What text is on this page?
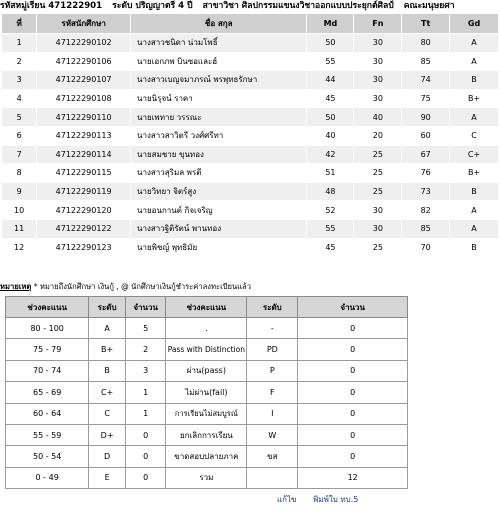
รหัสหมู่เรียน 471222901 ระดับ ปริญญาตรี 4 ปี สาขาวิชา ศิลปกรรมแขนงวิชาออกแบบประยุกต์ศิลป์ คณะมนุษยศา
ที่	รหัสนักศึกษา	ชื่อ สกุล	Md	Fn	Tt	Gd
1	47122290102	นางสาวชนิดา น่วมโพธิ์	50	30	80	A
2	47122290106	นายเอกภพ บินซอและฮ์	55	30	85	A
3	47122290107	นางสาวเบญจมาภรณ์ พรพุทธรักษา	44	30	74	B
4	47122290108	นายนิรุจน์ ราคา	45	30	75	B+
5	47122290110	นายเพทาย วรรณะ	50	40	90	A
6	47122290113	นางสาวสาวิตรี วงศ์ศรีทา	40	20	60	C
7	47122290114	นายสมชาย ขุนทอง	42	25	67	C+
8	47122290115	นางสาวสุริมล พรตี	51	25	76	B+
9	47122290119	นายวิทยา จิตร์สูง	48	25	73	B
10	47122290120	นายอนกานต์ กิจเจริญ	52	30	82	A
11	47122290122	นางสาวฐิติรัตน์ พานทอง	55	30	85	A
12	47122290123	นายพิชญ์ พุทธิมัย	45	25	70	B
หมายเหตุ * หมายถึงนักศึกษา เงินกู้ , @ นักศึกษาเงินกู้ชำระค่าลงทะเบียนแล้ว
ช่วงคะแนน	ระดับ	จำนวน	ช่วงคะแนน	ระดับ	จำนวน
80 - 100	A	5	.	-	0
75 - 79	B+	2	Pass with Distinction	PD	0
70 - 74	B	3	ผ่าน(pass)	P	0
65 - 69	C+	1	ไม่ผ่าน(fail)	F	0
60 - 64	C	1	การเรียนไม่สมบูรณ์	I	0
55 - 59	D+	0	ยกเลิกการเรียน	W	0
50 - 54	D	0	ขาดสอบปลายภาค	ขส	0
0 - 49	E	0	รวม		12
แก้ไข พิมพ์ใบ ทบ.5
